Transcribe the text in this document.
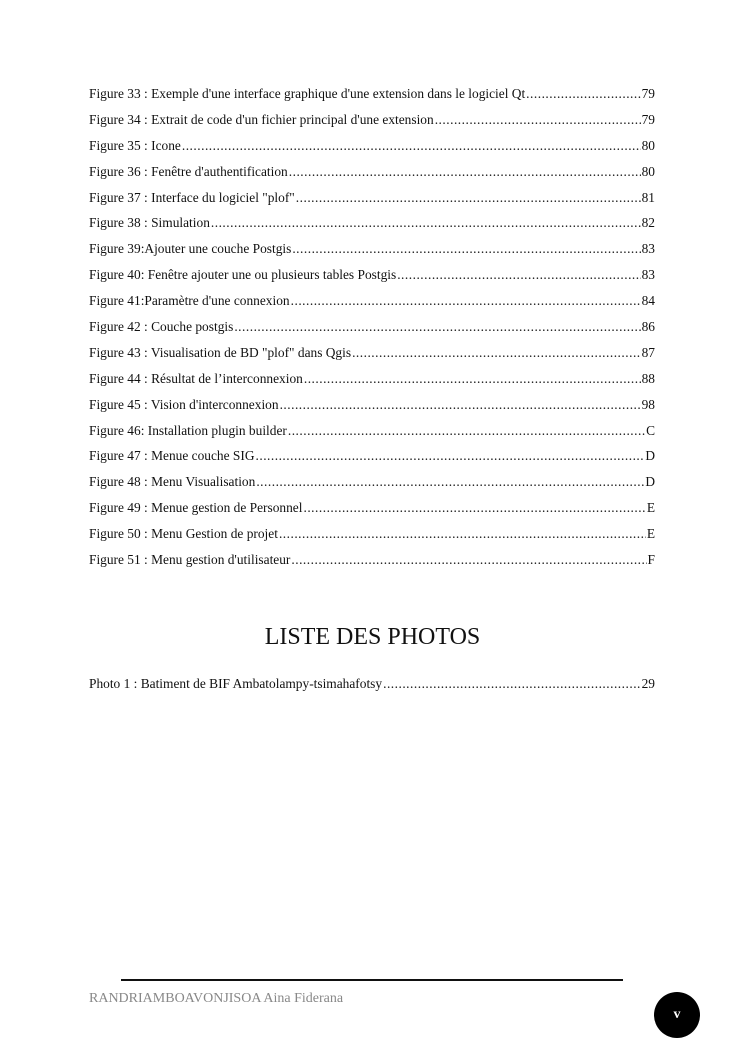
Figure 33 : Exemple d'une interface graphique d'une extension dans le logiciel Qt .....	79
Figure 34 : Extrait de code d'un fichier principal d'une extension .....	79
Figure 35 : Icone .....	80
Figure 36 : Fenêtre d'authentification .....	80
Figure 37 : Interface du logiciel "plof" .....	81
Figure 38 : Simulation .....	82
Figure 39:Ajouter une couche Postgis .....	83
Figure 40: Fenêtre ajouter une ou plusieurs tables Postgis .....	83
Figure 41:Paramètre d'une connexion .....	84
Figure 42 : Couche postgis .....	86
Figure 43 : Visualisation de BD "plof" dans Qgis .....	87
Figure 44 : Résultat de l’interconnexion .....	88
Figure 45 : Vision d'interconnexion .....	98
Figure 46: Installation plugin builder .....	C
Figure 47 : Menue couche SIG .....	D
Figure 48 : Menu Visualisation .....	D
Figure 49 : Menue gestion de Personnel .....	E
Figure 50 : Menu Gestion de projet .....	E
Figure 51 : Menu gestion d'utilisateur .....	F
LISTE DES PHOTOS
Photo 1 : Batiment de BIF Ambatolampy-tsimahafotsy .....	29
RANDRIAMBOAVONJISOA Aina Fiderana
v
